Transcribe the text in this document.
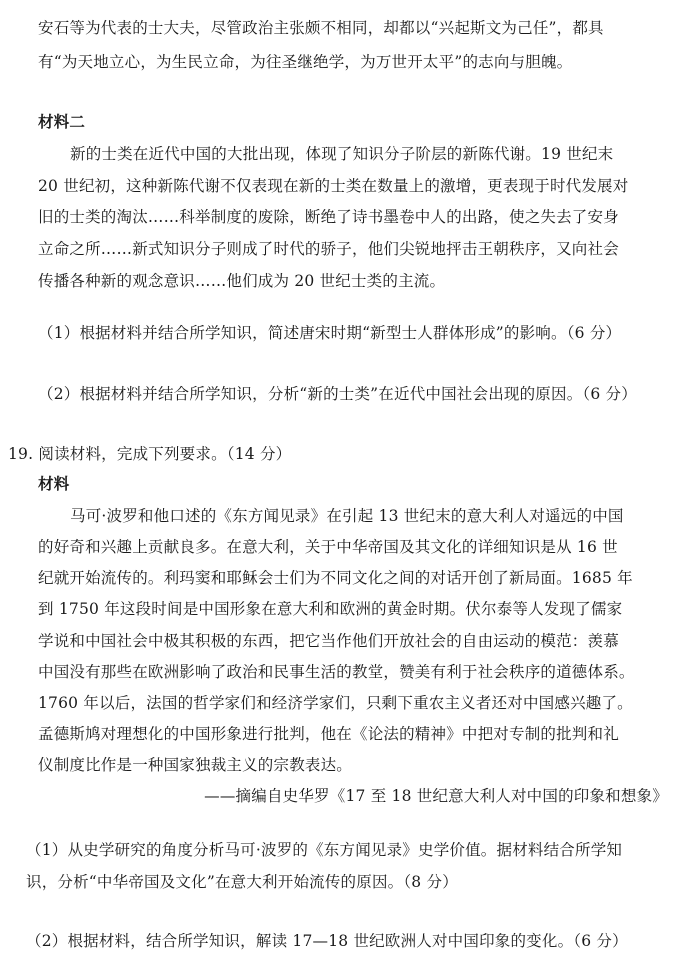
安石等为代表的士大夫，尽管政治主张颇不相同，却都以“兴起斯文为己任”，都具
有“为天地立心，为生民立命，为往圣继绝学，为万世开太平”的志向与胆魄。
材料二
新的士类在近代中国的大批出现，体现了知识分子阶层的新陈代谢。19 世纪末
20 世纪初，这种新陈代谢不仅表现在新的士类在数量上的激增，更表现于时代发展对
旧的士类的淘汰……科举制度的废除，断绝了诗书墨卷中人的出路，使之失去了安身
立命之所……新式知识分子则成了时代的骄子，他们尖锐地抨击王朝秩序，又向社会
传播各种新的观念意识……他们成为 20 世纪士类的主流。
（1）根据材料并结合所学知识，简述唐宋时期“新型士人群体形成”的影响。（6 分）
（2）根据材料并结合所学知识，分析“新的士类”在近代中国社会出现的原因。（6 分）
19. 阅读材料，完成下列要求。（14 分）
材料
马可·波罗和他口述的《东方闻见录》在引起 13 世纪末的意大利人对遥远的中国
的好奇和兴趣上贡献良多。在意大利，关于中华帝国及其文化的详细知识是从 16 世
纪就开始流传的。利玛窦和耶稣会士们为不同文化之间的对话开创了新局面。1685 年
到 1750 年这段时间是中国形象在意大利和欧洲的黄金时期。伏尔泰等人发现了儒家
学说和中国社会中极其积极的东西，把它当作他们开放社会的自由运动的模范：羡慕
中国没有那些在欧洲影响了政治和民事生活的教堂，赞美有利于社会秩序的道德体系。
1760 年以后，法国的哲学家们和经济学家们，只剩下重农主义者还对中国感兴趣了。
孟德斯鸠对理想化的中国形象进行批判，他在《论法的精神》中把对专制的批判和礼
仪制度比作是一种国家独裁主义的宗教表达。
——摘编自史华罗《17 至 18 世纪意大利人对中国的印象和想象》
（1）从史学研究的角度分析马可·波罗的《东方闻见录》史学价值。据材料结合所学知
识，分析“中华帝国及文化”在意大利开始流传的原因。（8 分）
（2）根据材料，结合所学知识，解读 17—18 世纪欧洲人对中国印象的变化。（6 分）
